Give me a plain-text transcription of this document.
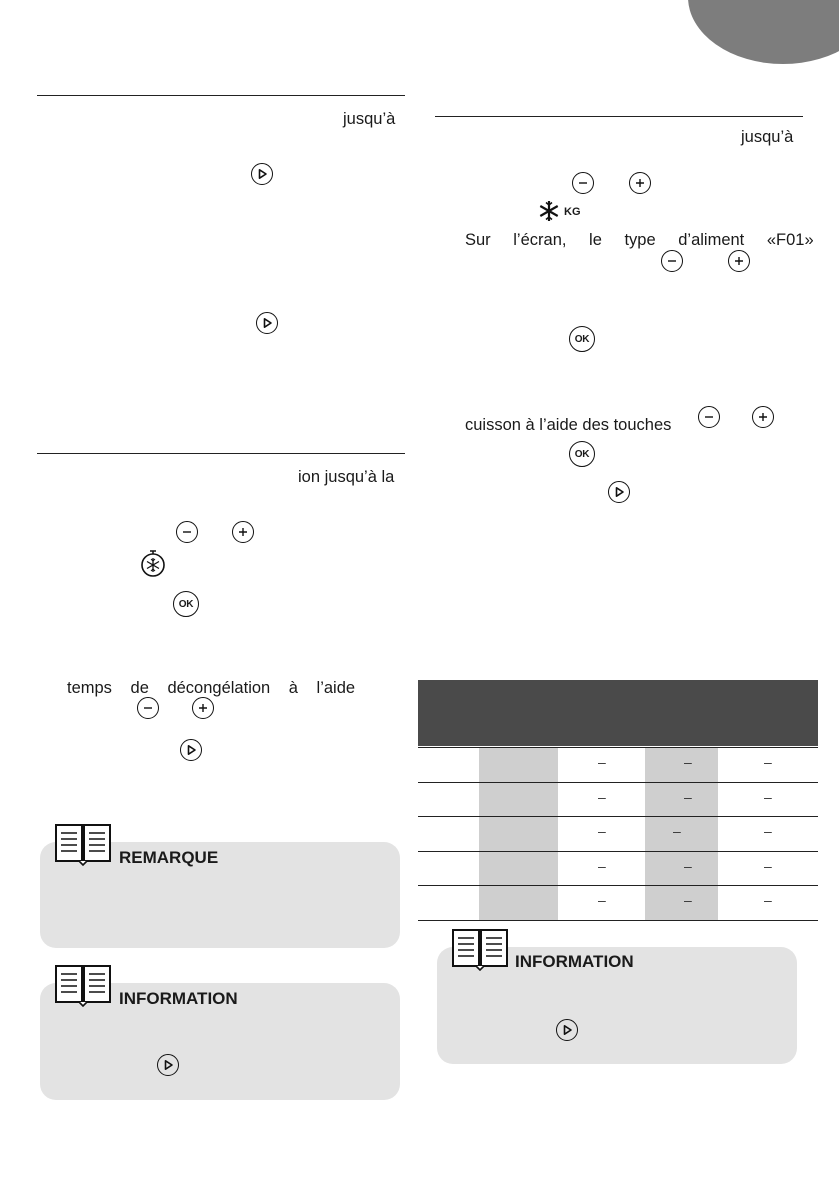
jusqu’à
ion jusqu’à la
OK
temps de décongélation à l’aide
REMARQUE
INFORMATION
jusqu’à
KG
Sur l’écran, le type d’aliment «F01»
OK
cuisson à l’aide des touches
OK
–	–	–
–	–	–
–	–	–
–	–	–
–	–	–
INFORMATION
